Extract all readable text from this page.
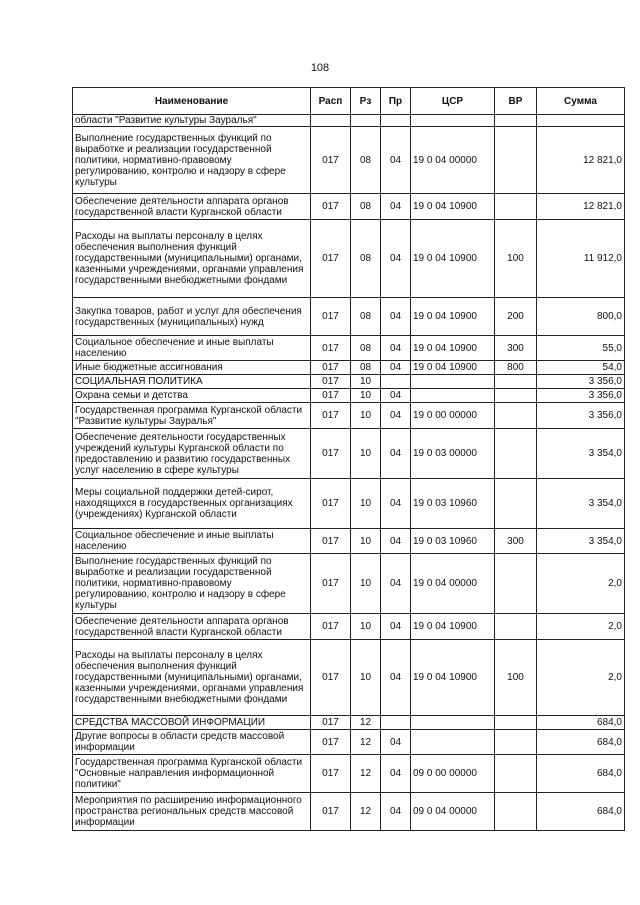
108
Наименование	Расп	Рз	Пр	ЦСР	ВР	Сумма
области "Развитие культуры Зауралья"						
Выполнение государственных функций по выработке и реализации государственной политики, нормативно-правовому регулированию, контролю и надзору в сфере культуры	017	08	04	19 0 04 00000		12 821,0
Обеспечение деятельности аппарата органов государственной власти Курганской области	017	08	04	19 0 04 10900		12 821,0
Расходы на выплаты персоналу в целях обеспечения выполнения функций государственными (муниципальными) органами, казенными учреждениями, органами управления государственными внебюджетными фондами	017	08	04	19 0 04 10900	100	11 912,0
Закупка товаров, работ и услуг для обеспечения государственных (муниципальных) нужд	017	08	04	19 0 04 10900	200	800,0
Социальное обеспечение и иные выплаты населению	017	08	04	19 0 04 10900	300	55,0
Иные бюджетные ассигнования	017	08	04	19 0 04 10900	800	54,0
СОЦИАЛЬНАЯ ПОЛИТИКА	017	10				3 356,0
Охрана семьи и детства	017	10	04			3 356,0
Государственная программа Курганской области "Развитие культуры Зауралья"	017	10	04	19 0 00 00000		3 356,0
Обеспечение деятельности государственных учреждений культуры Курганской области по предоставлению и развитию государственных услуг населению в сфере культуры	017	10	04	19 0 03 00000		3 354,0
Меры социальной поддержки детей-сирот, находящихся в государственных организациях (учреждениях) Курганской области	017	10	04	19 0 03 10960		3 354,0
Социальное обеспечение и иные выплаты населению	017	10	04	19 0 03 10960	300	3 354,0
Выполнение государственных функций по выработке и реализации государственной политики, нормативно-правовому регулированию, контролю и надзору в сфере культуры	017	10	04	19 0 04 00000		2,0
Обеспечение деятельности аппарата органов государственной власти Курганской области	017	10	04	19 0 04 10900		2,0
Расходы на выплаты персоналу в целях обеспечения выполнения функций государственными (муниципальными) органами, казенными учреждениями, органами управления государственными внебюджетными фондами	017	10	04	19 0 04 10900	100	2,0
СРЕДСТВА МАССОВОЙ ИНФОРМАЦИИ	017	12				684,0
Другие вопросы в области средств массовой информации	017	12	04			684,0
Государственная программа Курганской области "Основные направления информационной политики"	017	12	04	09 0 00 00000		684,0
Мероприятия по расширению информационного пространства региональных средств массовой информации	017	12	04	09 0 04 00000		684,0
